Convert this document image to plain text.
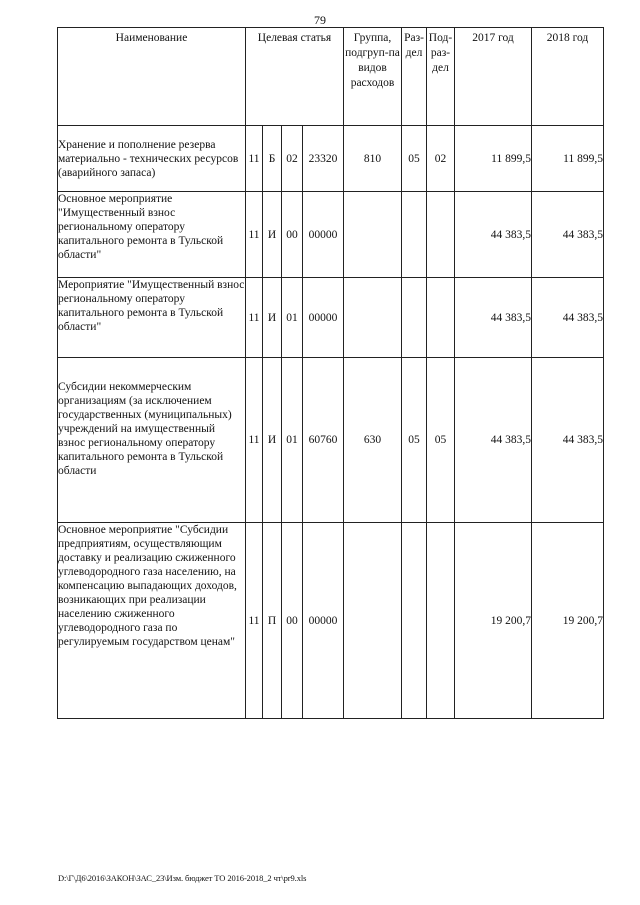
79
Наименование	Целевая статья				Группа, подгруп-па видов расходов	Раз-дел	Под-раз-дел	2017 год	2018 год
Хранение и пополнение резерва материально - технических ресурсов (аварийного запаса)	11	Б	02	23320	810	05	02	11 899,5	11 899,5
Основное мероприятие "Имущественный взнос региональному оператору капитального ремонта в Тульской области"	11	И	00	00000				44 383,5	44 383,5
Мероприятие "Имущественный взнос региональному оператору капитального ремонта в Тульской области"	11	И	01	00000				44 383,5	44 383,5
Субсидии некоммерческим организациям (за исключением государственных (муниципальных) учреждений на имущественный взнос региональному оператору капитального ремонта в Тульской области	11	И	01	60760	630	05	05	44 383,5	44 383,5
Основное мероприятие "Субсидии предприятиям, осуществляющим доставку и реализацию сжиженного углеводородного газа населению, на компенсацию выпадающих доходов, возникающих при реализации населению сжиженного углеводородного газа по регулируемым государством ценам"	11	П	00	00000				19 200,7	19 200,7
D:\Г\Д6\2016\ЗАКОН\ЗАС_23\Изм. бюджет ТО 2016-2018_2 чт\pr9.xls
